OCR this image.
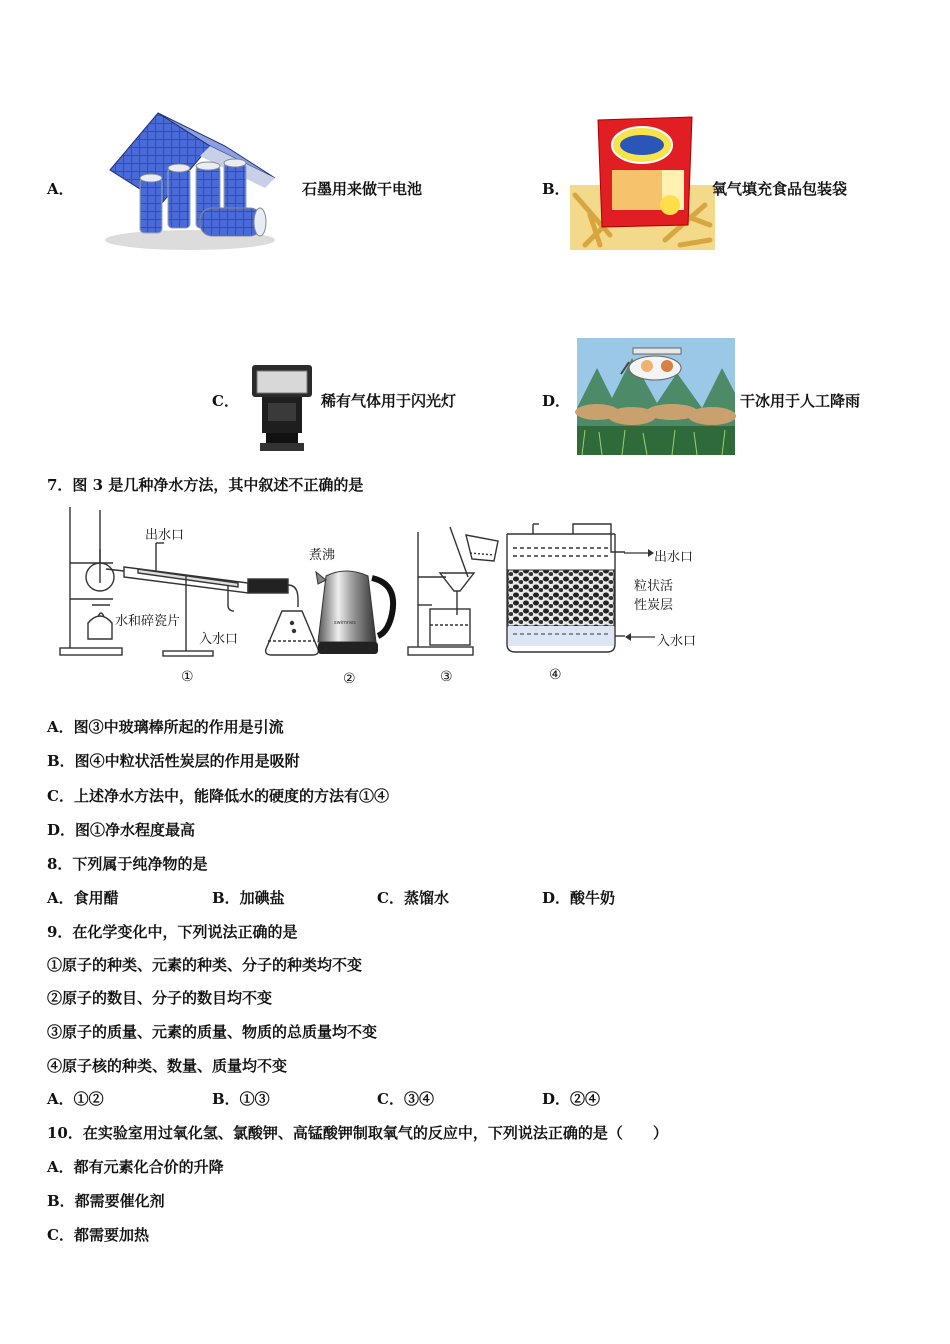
A．	石墨用来做干电池	B．	氧气填充食品包装袋
C．	稀有气体用于闪光灯	D．	干冰用于人工降雨
7．图 3 是几种净水方法，其中叙述不正确的是
出水口
水和碎瓷片
入水口
①
煮沸
swimnes
②	③
出水口
粒状活
性炭层
入水口
④
A．图③中玻璃棒所起的作用是引流
B．图④中粒状活性炭层的作用是吸附
C．上述净水方法中，能降低水的硬度的方法有①④
D．图①净水程度最高
8．下列属于纯净物的是
A．食用醋	B．加碘盐	C．蒸馏水	D．酸牛奶
9．在化学变化中，下列说法正确的是
①原子的种类、元素的种类、分子的种类均不变
②原子的数目、分子的数目均不变
③原子的质量、元素的质量、物质的总质量均不变
④原子核的种类、数量、质量均不变
A．①②	B．①③	C．③④	D．②④
10．在实验室用过氧化氢、氯酸钾、高锰酸钾制取氧气的反应中，下列说法正确的是（　　）
A．都有元素化合价的升降
B．都需要催化剂
C．都需要加热
